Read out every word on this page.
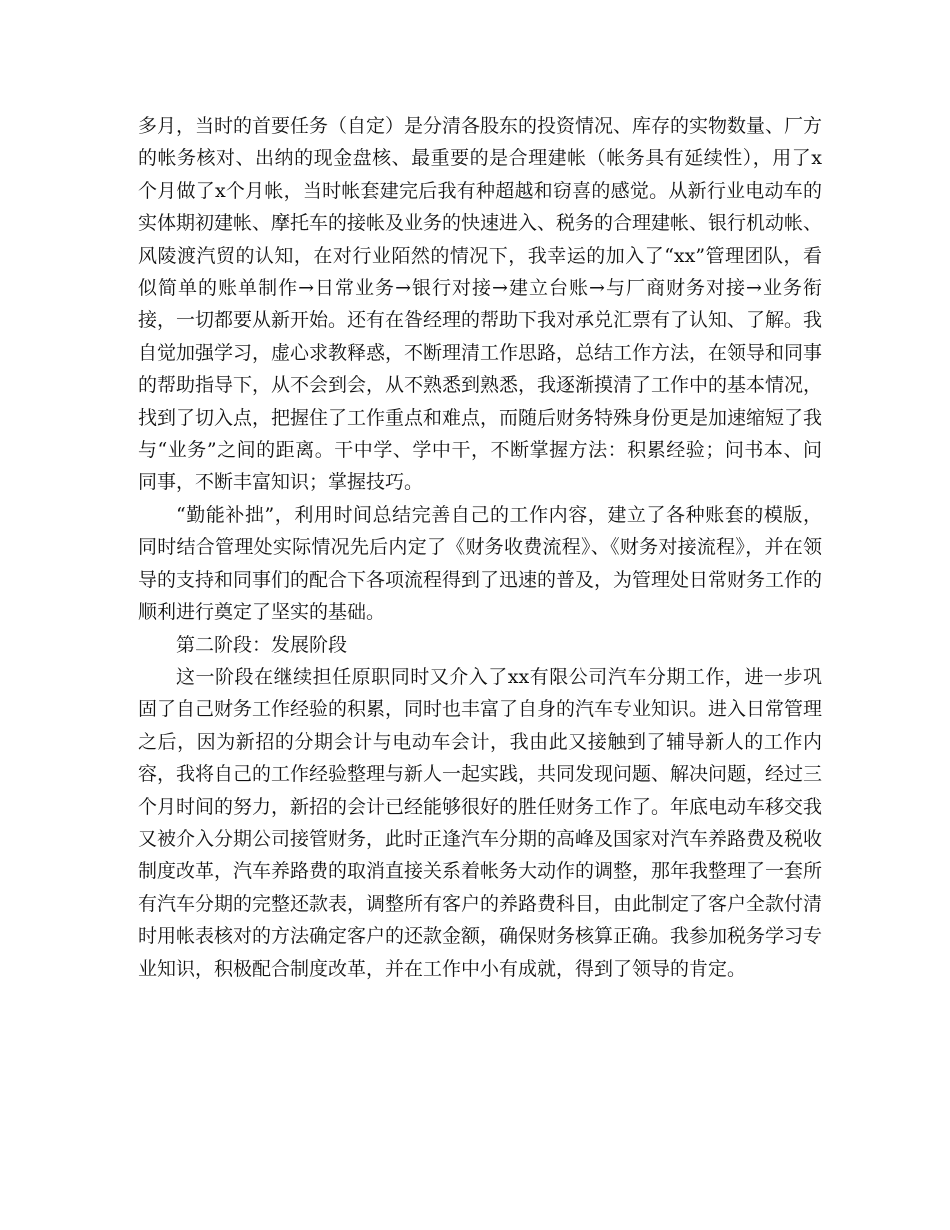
多月，当时的首要任务（自定）是分清各股东的投资情况、库存的实物数量、厂方的帐务核对、出纳的现金盘核、最重要的是合理建帐（帐务具有延续性），用了x个月做了x个月帐，当时帐套建完后我有种超越和窃喜的感觉。从新行业电动车的实体期初建帐、摩托车的接帐及业务的快速进入、税务的合理建帐、银行机动帐、风陵渡汽贸的认知，在对行业陌然的情况下，我幸运的加入了“xx”管理团队，看似简单的账单制作→日常业务→银行对接→建立台账→与厂商财务对接→业务衔接，一切都要从新开始。还有在昝经理的帮助下我对承兑汇票有了认知、了解。我自觉加强学习，虚心求教释惑，不断理清工作思路，总结工作方法，在领导和同事的帮助指导下，从不会到会，从不熟悉到熟悉，我逐渐摸清了工作中的基本情况，找到了切入点，把握住了工作重点和难点，而随后财务特殊身份更是加速缩短了我与“业务”之间的距离。干中学、学中干，不断掌握方法：积累经验；问书本、问同事，不断丰富知识；掌握技巧。

“勤能补拙”，利用时间总结完善自己的工作内容，建立了各种账套的模版，同时结合管理处实际情况先后内定了《财务收费流程》、《财务对接流程》，并在领导的支持和同事们的配合下各项流程得到了迅速的普及，为管理处日常财务工作的顺利进行奠定了坚实的基础。

第二阶段：发展阶段

这一阶段在继续担任原职同时又介入了xx有限公司汽车分期工作，进一步巩固了自己财务工作经验的积累，同时也丰富了自身的汽车专业知识。进入日常管理之后，因为新招的分期会计与电动车会计，我由此又接触到了辅导新人的工作内容，我将自己的工作经验整理与新人一起实践，共同发现问题、解决问题，经过三个月时间的努力，新招的会计已经能够很好的胜任财务工作了。年底电动车移交我又被介入分期公司接管财务，此时正逢汽车分期的高峰及国家对汽车养路费及税收制度改革，汽车养路费的取消直接关系着帐务大动作的调整，那年我整理了一套所有汽车分期的完整还款表，调整所有客户的养路费科目，由此制定了客户全款付清时用帐表核对的方法确定客户的还款金额，确保财务核算正确。我参加税务学习专业知识，积极配合制度改革，并在工作中小有成就，得到了领导的肯定。
